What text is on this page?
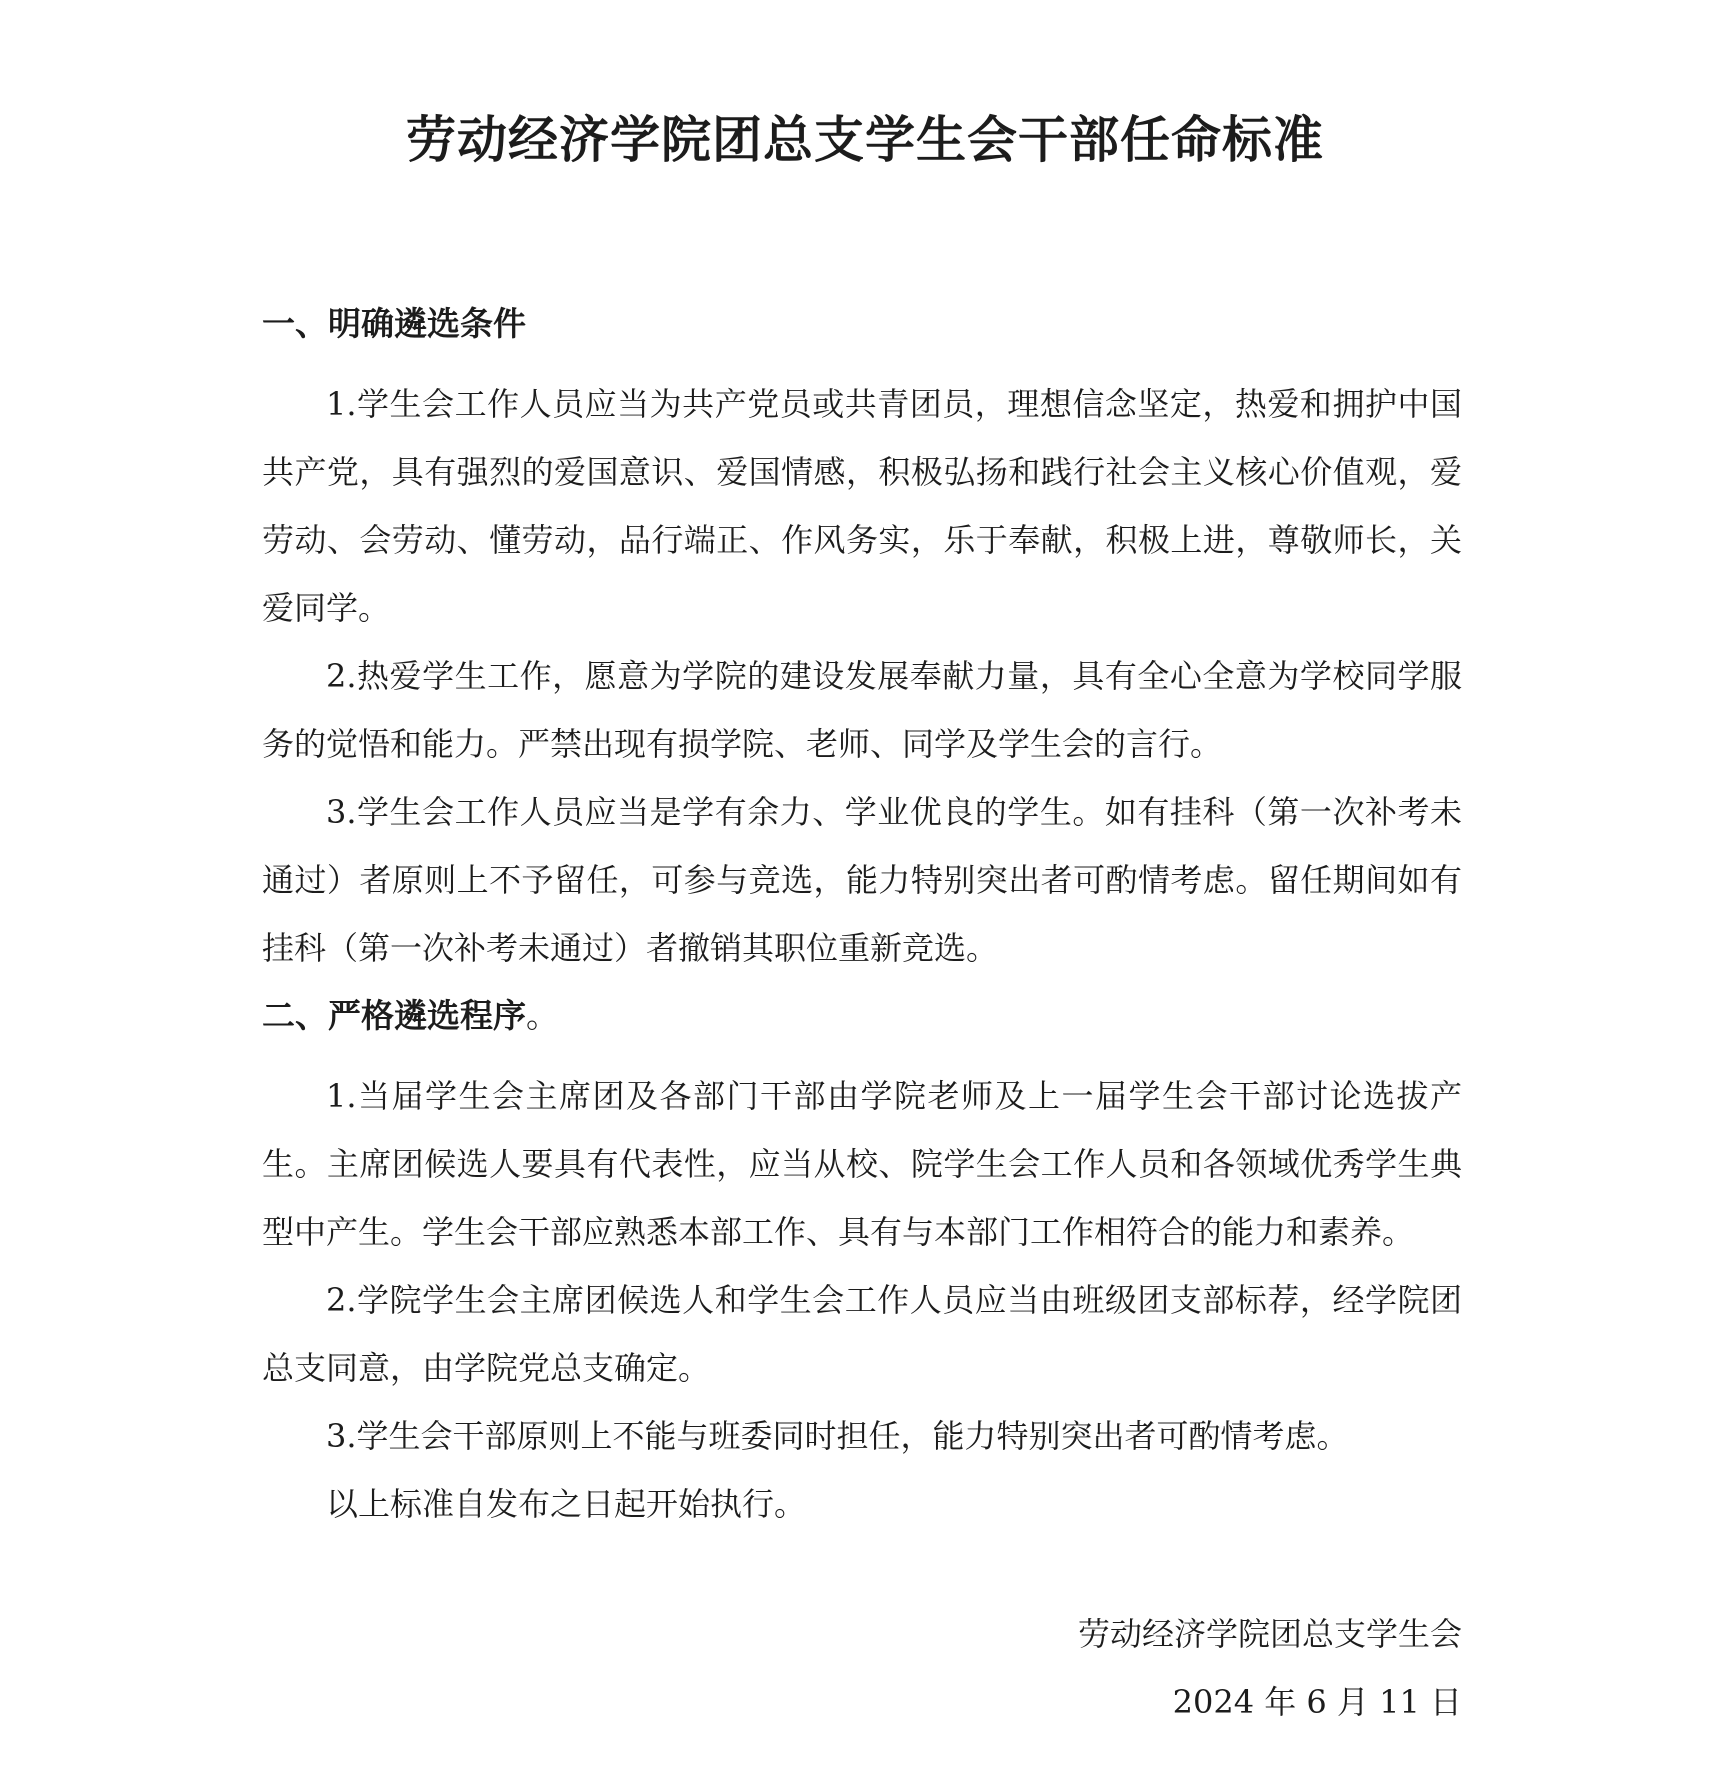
劳动经济学院团总支学生会干部任命标准

一、明确遴选条件

1.学生会工作人员应当为共产党员或共青团员，理想信念坚定，热爱和拥护中国共产党，具有强烈的爱国意识、爱国情感，积极弘扬和践行社会主义核心价值观，爱劳动、会劳动、懂劳动，品行端正、作风务实，乐于奉献，积极上进，尊敬师长，关爱同学。

2.热爱学生工作，愿意为学院的建设发展奉献力量，具有全心全意为学校同学服务的觉悟和能力。严禁出现有损学院、老师、同学及学生会的言行。

3.学生会工作人员应当是学有余力、学业优良的学生。如有挂科（第一次补考未通过）者原则上不予留任，可参与竞选，能力特别突出者可酌情考虑。留任期间如有挂科（第一次补考未通过）者撤销其职位重新竞选。

二、严格遴选程序。

1.当届学生会主席团及各部门干部由学院老师及上一届学生会干部讨论选拔产生。主席团候选人要具有代表性，应当从校、院学生会工作人员和各领域优秀学生典型中产生。学生会干部应熟悉本部工作、具有与本部门工作相符合的能力和素养。

2.学院学生会主席团候选人和学生会工作人员应当由班级团支部标荐，经学院团总支同意，由学院党总支确定。

3.学生会干部原则上不能与班委同时担任，能力特别突出者可酌情考虑。

以上标准自发布之日起开始执行。

劳动经济学院团总支学生会
2024 年 6 月 11 日
